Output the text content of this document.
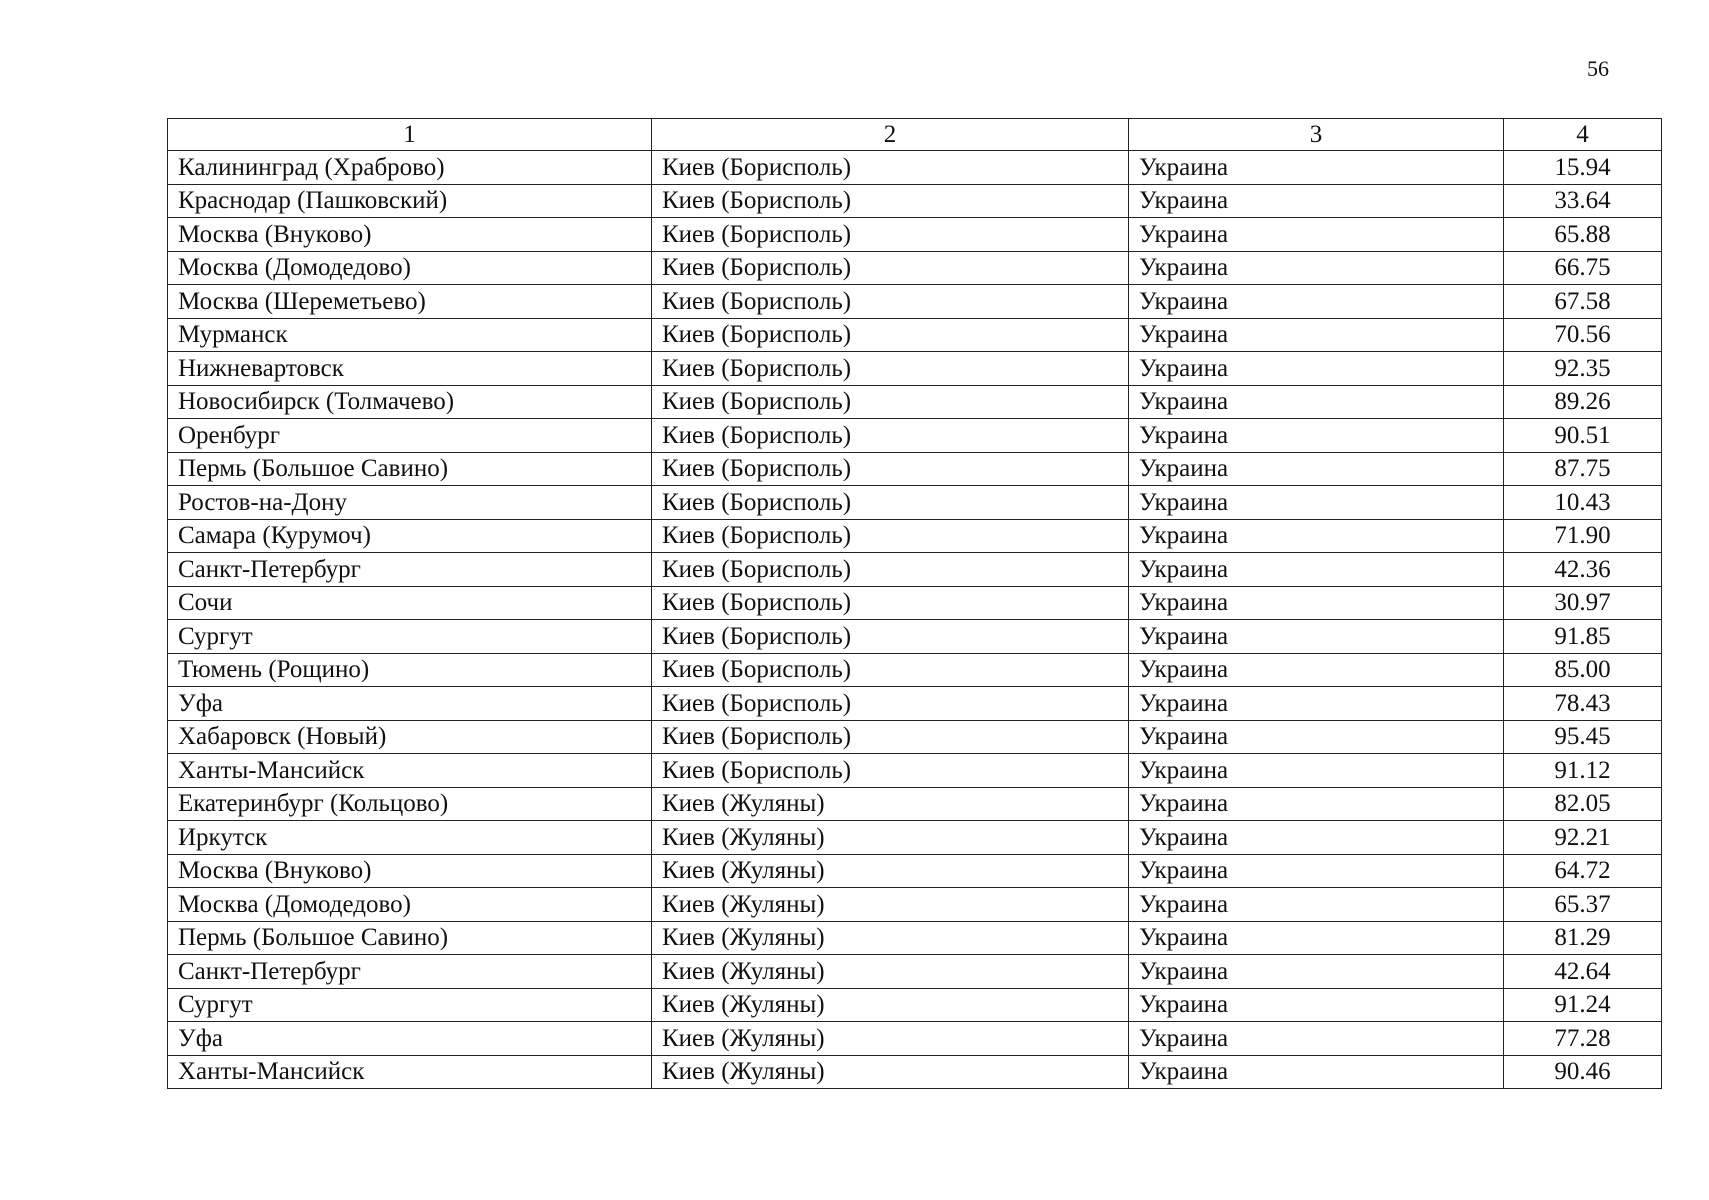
56
1	2	3	4
Калининград (Храброво)	Киев (Борисполь)	Украина	15.94
Краснодар (Пашковский)	Киев (Борисполь)	Украина	33.64
Москва (Внуково)	Киев (Борисполь)	Украина	65.88
Москва (Домодедово)	Киев (Борисполь)	Украина	66.75
Москва (Шереметьево)	Киев (Борисполь)	Украина	67.58
Мурманск	Киев (Борисполь)	Украина	70.56
Нижневартовск	Киев (Борисполь)	Украина	92.35
Новосибирск (Толмачево)	Киев (Борисполь)	Украина	89.26
Оренбург	Киев (Борисполь)	Украина	90.51
Пермь (Большое Савино)	Киев (Борисполь)	Украина	87.75
Ростов-на-Дону	Киев (Борисполь)	Украина	10.43
Самара (Курумоч)	Киев (Борисполь)	Украина	71.90
Санкт-Петербург	Киев (Борисполь)	Украина	42.36
Сочи	Киев (Борисполь)	Украина	30.97
Сургут	Киев (Борисполь)	Украина	91.85
Тюмень (Рощино)	Киев (Борисполь)	Украина	85.00
Уфа	Киев (Борисполь)	Украина	78.43
Хабаровск (Новый)	Киев (Борисполь)	Украина	95.45
Ханты-Мансийск	Киев (Борисполь)	Украина	91.12
Екатеринбург (Кольцово)	Киев (Жуляны)	Украина	82.05
Иркутск	Киев (Жуляны)	Украина	92.21
Москва (Внуково)	Киев (Жуляны)	Украина	64.72
Москва (Домодедово)	Киев (Жуляны)	Украина	65.37
Пермь (Большое Савино)	Киев (Жуляны)	Украина	81.29
Санкт-Петербург	Киев (Жуляны)	Украина	42.64
Сургут	Киев (Жуляны)	Украина	91.24
Уфа	Киев (Жуляны)	Украина	77.28
Ханты-Мансийск	Киев (Жуляны)	Украина	90.46
